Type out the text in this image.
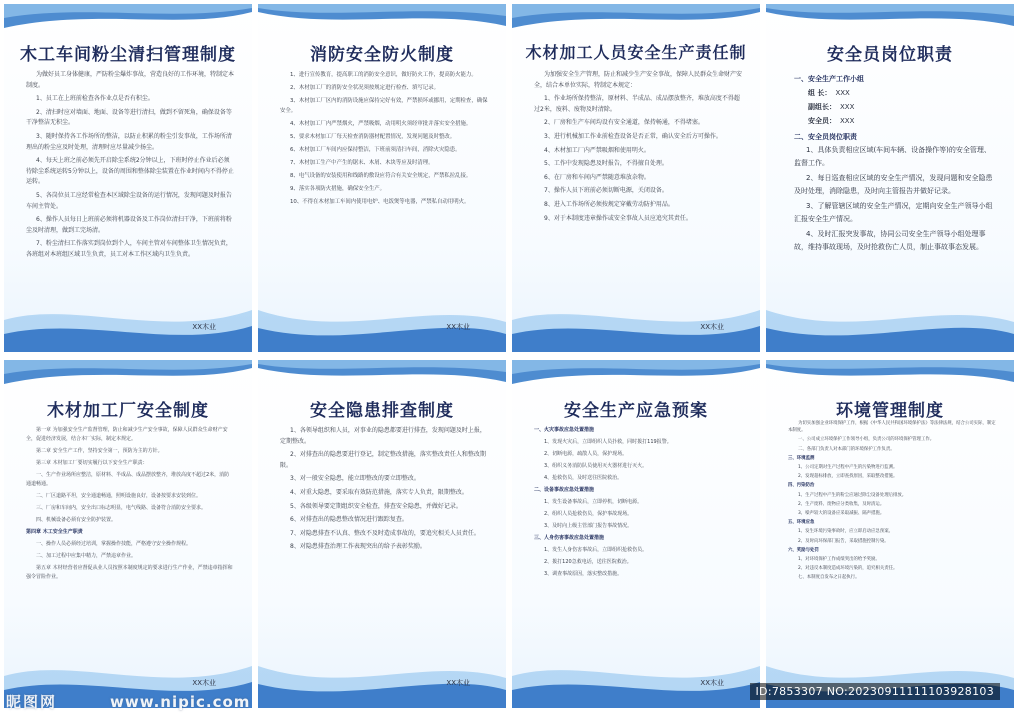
木工车间粉尘清扫管理制度

为做好员工身体健康，严防粉尘爆炸事故，营造良好的工作环境，特制定本制度。

1、员工在上班前检查各作业点是否有积尘。

2、清扫时应对墙面、地面、设备等进行清扫，做到不留死角，确保设备等干净整洁无积尘。

3、随时保持各工作场所的整洁，以防止积累的粉尘引发事故，工作场所清理出的粉尘应及时处理，清理时应尽量减少扬尘。

4、每天上班之前必须先开启除尘系统2分钟以上，下班时停止作业后必须待除尘系统运转5分钟以上，设备的周围和整体除尘装置在作业时间内不得停止运转。

5、各岗位员工应经常检查本区域除尘设备的运行情况，发现问题及时报告车间主管处。

6、操作人员每日上班前必须将机器设备及工作岗位清扫干净，下班前将粉尘及时清理，做到工完场清。

7、粉尘清扫工作落实到岗位到个人，车间主管对车间整体卫生情况负责，各班组对本班组区域卫生负责，员工对本工作区域内卫生负责。

XX木业
消防安全防火制度

1、进行宣传教育，提高职工的消防安全意识，做好防火工作，提高防火能力。

2、木材加工厂的消防安全状况须按规定进行检查、填写记录。

3、木材加工厂区内的消防设施应保持完好有效，严禁损坏或挪用，定期检查，确保安全。

4、木材加工厂内严禁烟火，严禁吸烟，动用明火须经审批并落实安全措施。

5、要求木材加工厂每天检查消防器材配置情况，发现问题及时整改。

6、木材加工厂车间内应保持整洁，下班前须清扫车间，消除火灾隐患。

7、木材加工生产中产生的锯末、木屑、木块等应及时清理。

8、电气设备的安装使用和线路的敷设应符合有关安全规定，严禁私拉乱接。

9、落实各项防火措施，确保安全生产。

10、不得在木材加工车间内使用电炉、电饭煲等电器，严禁私自动用明火。

XX木业
木材加工人员安全生产责任制

为加强安全生产管理，防止和减少生产安全事故，保障人民群众生命财产安全，结合本单位实际，特制定本规定：

1、作业场所保持整洁，原材料、半成品、成品摆放整齐，堆放高度不得超过2米，废料、废物及时清除。

2、厂房和生产车间均设有安全通道，保持畅通，不得堵塞。

3、进行机械加工作业前检查设备是否正常，确认安全后方可操作。

4、木材加工厂内严禁吸烟和使用明火。

5、工作中发现隐患及时报告，不得擅自处理。

6、在厂房和车间内严禁随意堆放杂物。

7、操作人员下班前必须切断电源，关闭设备。

8、进入工作场所必须按规定穿戴劳动防护用品。

9、对于本制度违章操作或安全事故人员应追究其责任。

XX木业
安全员岗位职责
一、安全生产工作小组
组 长： XXX
副组长： XXX
安全员： XXX
二、安全员岗位职责

1、具体负责相应区域(车间车辆、设备操作等)的安全管理、监督工作。

2、每日巡查相应区域的安全生产情况，发现问题和安全隐患及时处理，消除隐患，及时向主管报告并做好记录。

3、了解管辖区域的安全生产情况，定期向安全生产领导小组汇报安全生产情况。

4、及时汇报突发事故，协同公司安全生产领导小组处理事故，维持事故现场，及时抢救伤亡人员，制止事故事态发展。

木材加工厂安全制度

第一章 为加强安全生产监督管理，防止和减少生产安全事故，保障人民群众生命财产安全，促进经济发展，结合本厂实际，制定本规定。

第二章 安全生产工作，坚持安全第一，预防为主的方针。

第三章 木材加工厂要切实履行以下安全生产职责：

一、生产作业场所应整洁，原材料、半成品、成品摆放整齐，堆放高度不超过2米，消防通道畅通。

二、厂区道路平坦，安全通道畅通，照明设施良好，设备按要求安装到位。

三、厂房和车间内，安全出口标志明显，电气线路、设备符合消防安全要求。

四、机械设备必须有安全防护装置。

第四章 木工安全生产职责

一、操作人员必须经过培训，掌握操作技能，严格遵守安全操作规程。

二、加工过程中应集中精力，严禁违章作业。

第五章 木材经营者应督促从业人员按照本制度规定的要求进行生产作业，严禁违章指挥和强令冒险作业。

XX木业
安全隐患排查制度

1、各领导组织和人员，对事业的隐患都要进行排查，发现问题及时上报，定期整改。

2、对排查出的隐患要进行登记，制定整改措施，落实整改责任人和整改期限。

3、对一般安全隐患，能立即整改的要立即整改。

4、对重大隐患，要采取有效防范措施，落实专人负责，限期整改。

5、各级领导要定期组织安全检查，排查安全隐患，并做好记录。

6、对排查出的隐患整改情况进行跟踪复查。

7、对隐患排查不认真、整改不及时造成事故的，要追究相关人员责任。

8、对隐患排查治理工作表现突出的给予表彰奖励。

XX木业
安全生产应急预案

一、火灾事故应急处置措施

1、发现火灾后，立即组织人员扑救，同时拨打119报警。

2、切断电源，疏散人员，保护现场。

3、组织义务消防队员使用灭火器材进行灭火。

4、抢救伤员，及时送往医院救治。

二、设备事故应急处置措施

1、发生设备事故后，立即停机，切断电源。

2、组织人员抢救伤员，保护事故现场。

3、及时向上级主管部门报告事故情况。

三、人身伤害事故应急处置措施

1、发生人身伤害事故后，立即组织抢救伤员。

2、拨打120急救电话，送往医院救治。

3、调查事故原因，落实整改措施。

XX木业
环境管理制度

为切实加强企业环境保护工作，根据《中华人民共和国环境保护法》等法律法规，结合公司实际，制定本制度。

一、公司成立环境保护工作领导小组，负责公司的环境保护管理工作。

二、各部门负责人对本部门的环境保护工作负责。

三、环境监测

1、公司定期对生产过程中产生的污染物进行监测。

2、发现超标排放，立即查找原因，采取整改措施。

四、污染防治

1、生产过程中产生的粉尘应通过除尘设备处理后排放。

2、生产废料、废物应分类收集，及时清运。

3、噪声较大的设备应采取减振、隔声措施。

五、环境应急

1、发生环境污染事故时，应立即启动应急预案。

2、及时向环保部门报告，采取措施控制污染。

六、奖励与处罚

1、对环境保护工作成绩突出的给予奖励。

2、对违反本制度造成环境污染的，追究相关责任。

七、本制度自发布之日起执行。

昵图网	www.nipic.com
ID:7853307 NO:20230911111103928103
